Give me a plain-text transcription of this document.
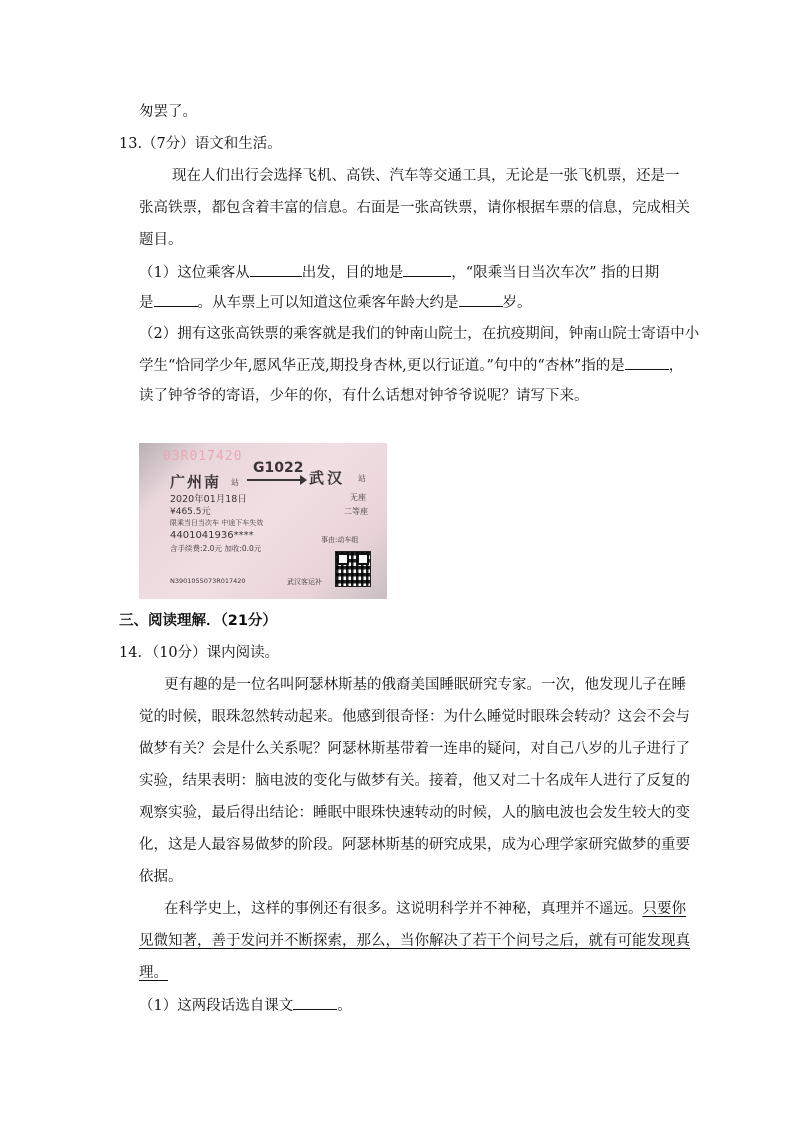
匆罢了。
13.（7分）语文和生活。
现在人们出行会选择飞机、高铁、汽车等交通工具，无论是一张飞机票，还是一
张高铁票，都包含着丰富的信息。右面是一张高铁票，请你根据车票的信息，完成相关
题目。
（1）这位乘客从	出发，目的地是	，“限乘当日当次车次” 指的日期
是	。从车票上可以知道这位乘客年龄大约是	岁。
（2）拥有这张高铁票的乘客就是我们的钟南山院士，在抗疫期间，钟南山院士寄语中小
学生“恰同学少年,愿风华正茂,期投身杏林,更以行证道。”句中的“杏林”指的是	，
读了钟爷爷的寄语，少年的你，有什么话想对钟爷爷说呢？请写下来。
03R017420
广州南 站
G1022
武汉 站
2020年01月18日	无座
¥465.5元	二等座
限乘当日当次车 中途下车失效
4401041936****	事由:动车组
含手续费:2.0元 加收:0.0元
N3901055073R017420	武汉客运补
三、阅读理解．（21分）
14．（10分）课内阅读。
更有趣的是一位名叫阿瑟林斯基的俄裔美国睡眠研究专家。一次，他发现儿子在睡
觉的时候，眼珠忽然转动起来。他感到很奇怪：为什么睡觉时眼珠会转动？这会不会与
做梦有关？会是什么关系呢？阿瑟林斯基带着一连串的疑问，对自己八岁的儿子进行了
实验，结果表明：脑电波的变化与做梦有关。接着，他又对二十名成年人进行了反复的
观察实验，最后得出结论：睡眠中眼珠快速转动的时候，人的脑电波也会发生较大的变
化，这是人最容易做梦的阶段。阿瑟林斯基的研究成果，成为心理学家研究做梦的重要
依据。
在科学史上，这样的事例还有很多。这说明科学并不神秘，真理并不遥远。只要你
见微知著，善于发问并不断探索，那么，当你解决了若干个问号之后，就有可能发现真
理。
（1）这两段话选自课文	。
